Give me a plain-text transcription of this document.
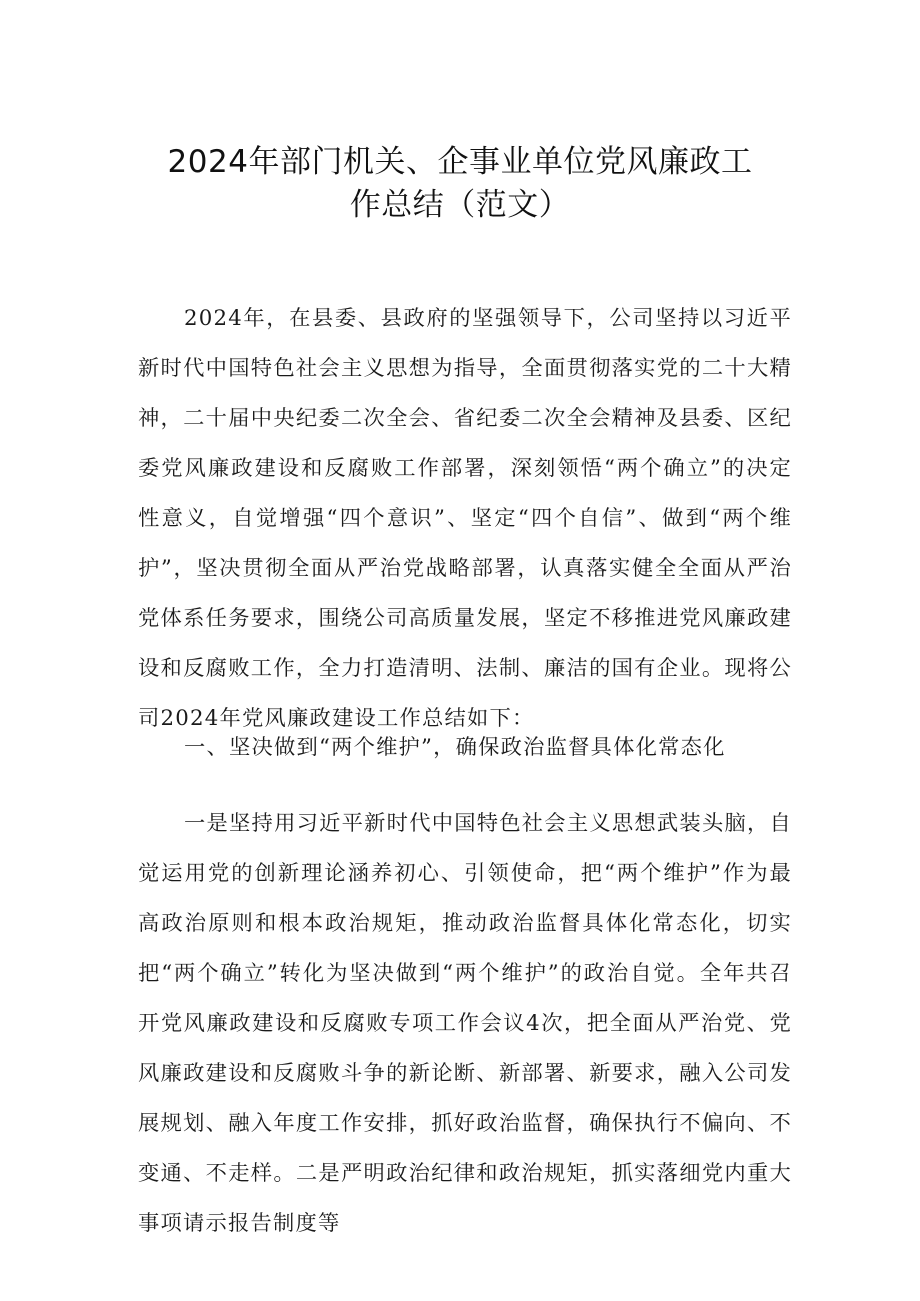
2024年部门机关、企事业单位党风廉政工
作总结（范文）

2024年，在县委、县政府的坚强领导下，公司坚持以习近平新时代中国特色社会主义思想为指导，全面贯彻落实党的二十大精神，二十届中央纪委二次全会、省纪委二次全会精神及县委、区纪委党风廉政建设和反腐败工作部署，深刻领悟“两个确立”的决定性意义，自觉增强“四个意识”、坚定“四个自信”、做到“两个维护”，坚决贯彻全面从严治党战略部署，认真落实健全全面从严治党体系任务要求，围绕公司高质量发展，坚定不移推进党风廉政建设和反腐败工作，全力打造清明、法制、廉洁的国有企业。现将公司2024年党风廉政建设工作总结如下：

一、坚决做到“两个维护”，确保政治监督具体化常态化

一是坚持用习近平新时代中国特色社会主义思想武装头脑，自觉运用党的创新理论涵养初心、引领使命，把“两个维护”作为最高政治原则和根本政治规矩，推动政治监督具体化常态化，切实把“两个确立”转化为坚决做到“两个维护”的政治自觉。全年共召开党风廉政建设和反腐败专项工作会议4次，把全面从严治党、党风廉政建设和反腐败斗争的新论断、新部署、新要求，融入公司发展规划、融入年度工作安排，抓好政治监督，确保执行不偏向、不变通、不走样。二是严明政治纪律和政治规矩，抓实落细党内重大事项请示报告制度等
